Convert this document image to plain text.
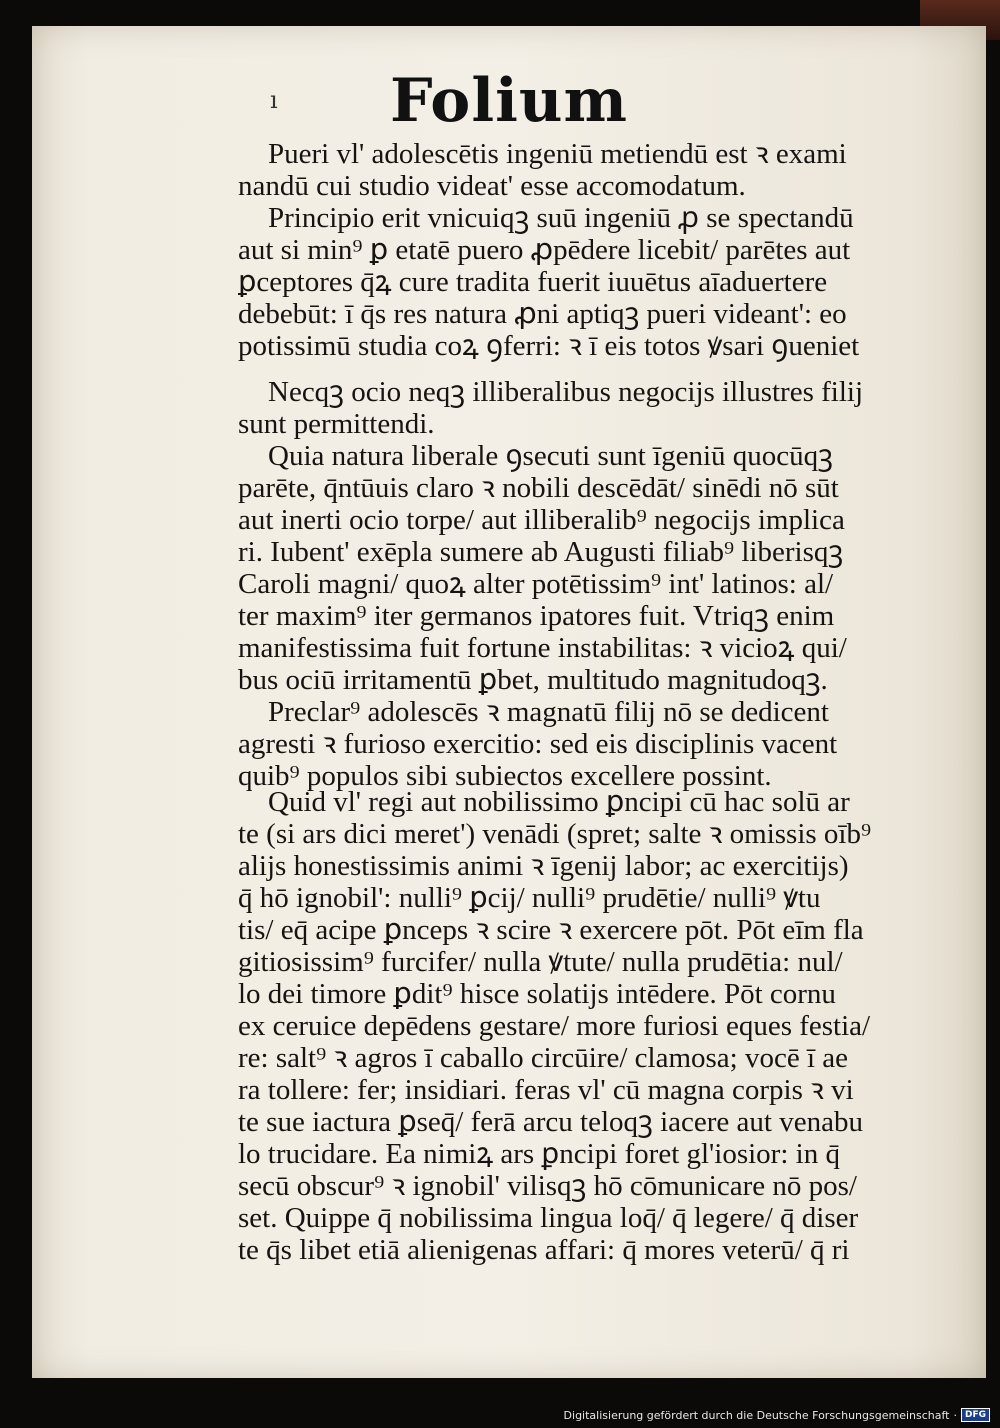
ı	Folium
Pueri vl' adolescētis ingeniū metiendū est ꝛ exami
nandū cui studio videat' esse accomodatum.
Principio erit vnicuiqꝫ suū ingeniū ꝓ se spectandū
aut si min⁹ ꝑ etatē puero ꝓpēdere licebit/ parētes aut
ꝑceptores q̄ꝝ cure tradita fuerit iuuētus aīaduertere
debebūt: ī q̄s res natura ꝓni aptiqꝫ pueri videant': eo
potissimū studia coꝝ ꝯferri: ꝛ ī eis totos ꝟsari ꝯueniet
Necqꝫ ocio neqꝫ illiberalibus negocijs illustres filij
sunt permittendi.
Quia natura liberale ꝯsecuti sunt īgeniū quocūqꝫ
parēte, q̄ntūuis claro ꝛ nobili descēdāt/ sinēdi nō sūt
aut inerti ocio torpe/ aut illiberalib⁹ negocijs implica
ri. Iubent' exēpla sumere ab Augusti filiab⁹ liberisqꝫ
Caroli magni/ quoꝝ alter potētissim⁹ int' latinos: al/
ter maxim⁹ iter germanos ipatores fuit. Vtriqꝫ enim
manifestissima fuit fortune instabilitas: ꝛ vicioꝝ qui/
bus ociū irritamentū ꝑbet, multitudo magnitudoqꝫ.
Preclar⁹ adolescēs ꝛ magnatū filij nō se dedicent
agresti ꝛ furioso exercitio: sed eis disciplinis vacent
quib⁹ populos sibi subiectos excellere possint.
Quid vl' regi aut nobilissimo ꝑncipi cū hac solū ar
te (si ars dici meret') venādi (spret; salte ꝛ omissis oīb⁹
alijs honestissimis animi ꝛ īgenij labor; ac exercitijs)
q̄ hō ignobil': nulli⁹ ꝑcij/ nulli⁹ prudētie/ nulli⁹ ꝟtu
tis/ eq̄ acipe ꝑnceps ꝛ scire ꝛ exercere pōt. Pōt eīm fla
gitiosissim⁹ furcifer/ nulla ꝟtute/ nulla prudētia: nul/
lo dei timore ꝑdit⁹ hisce solatijs intēdere. Pōt cornu
ex ceruice depēdens gestare/ more furiosi eques festia/
re: salt⁹ ꝛ agros ī caballo circūire/ clamosa; vocē ī ae
ra tollere: fer; insidiari. feras vl' cū magna corpis ꝛ vi
te sue iactura ꝑseq̄/ ferā arcu teloqꝫ iacere aut venabu
lo trucidare. Ea nimiꝝ ars ꝑncipi foret gl'iosior: in q̄
secū obscur⁹ ꝛ ignobil' vilisqꝫ hō cōmunicare nō pos/
set. Quippe q̄ nobilissima lingua loq̄/ q̄ legere/ q̄ diser
te q̄s libet etiā alienigenas affari: q̄ mores veterū/ q̄ ri
Digitalisierung gefördert durch die Deutsche Forschungsgemeinschaft · DFG
